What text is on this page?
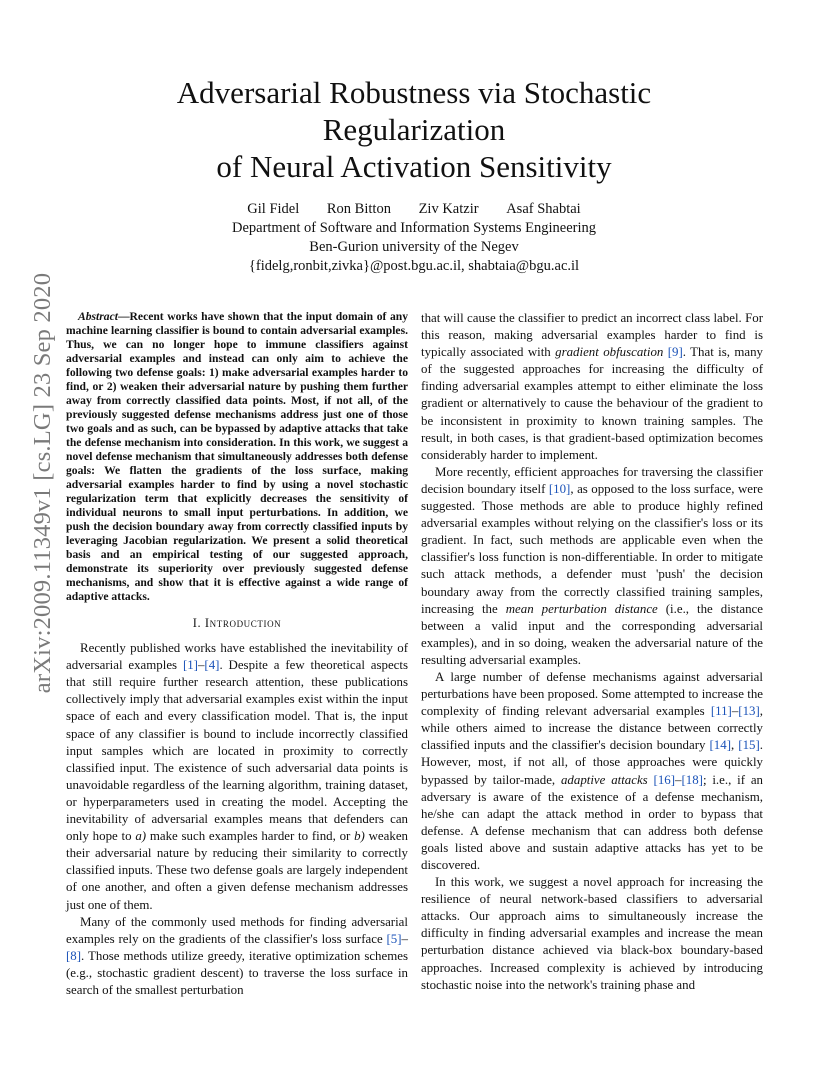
arXiv:2009.11349v1 [cs.LG] 23 Sep 2020
Adversarial Robustness via Stochastic
Regularization
of Neural Activation Sensitivity
Gil Fidel Ron Bitton Ziv Katzir Asaf Shabtai
Department of Software and Information Systems Engineering
Ben-Gurion university of the Negev
{fidelg,ronbit,zivka}@post.bgu.ac.il, shabtaia@bgu.ac.il

Abstract—Recent works have shown that the input domain of any machine learning classifier is bound to contain adversarial examples. Thus, we can no longer hope to immune classifiers against adversarial examples and instead can only aim to achieve the following two defense goals: 1) make adversarial examples harder to find, or 2) weaken their adversarial nature by pushing them further away from correctly classified data points. Most, if not all, of the previously suggested defense mechanisms address just one of those two goals and as such, can be bypassed by adaptive attacks that take the defense mechanism into consideration. In this work, we suggest a novel defense mechanism that simultaneously addresses both defense goals: We flatten the gradients of the loss surface, making adversarial examples harder to find by using a novel stochastic regularization term that explicitly decreases the sensitivity of individual neurons to small input perturbations. In addition, we push the decision boundary away from correctly classified inputs by leveraging Jacobian regularization. We present a solid theoretical basis and an empirical testing of our suggested approach, demonstrate its superiority over previously suggested defense mechanisms, and show that it is effective against a wide range of adaptive attacks.

I. Introduction

Recently published works have established the inevitability of adversarial examples [1]–[4]. Despite a few theoretical aspects that still require further research attention, these publications collectively imply that adversarial examples exist within the input space of each and every classification model. That is, the input space of any classifier is bound to include incorrectly classified input samples which are located in proximity to correctly classified input. The existence of such adversarial data points is unavoidable regardless of the learning algorithm, training dataset, or hyperparameters used in creating the model. Accepting the inevitability of adversarial examples means that defenders can only hope to a) make such examples harder to find, or b) weaken their adversarial nature by reducing their similarity to correctly classified inputs. These two defense goals are largely independent of one another, and often a given defense mechanism addresses just one of them.

Many of the commonly used methods for finding adversarial examples rely on the gradients of the classifier's loss surface [5]–[8]. Those methods utilize greedy, iterative optimization schemes (e.g., stochastic gradient descent) to traverse the loss surface in search of the smallest perturbation

that will cause the classifier to predict an incorrect class label. For this reason, making adversarial examples harder to find is typically associated with gradient obfuscation [9]. That is, many of the suggested approaches for increasing the difficulty of finding adversarial examples attempt to either eliminate the loss gradient or alternatively to cause the behaviour of the gradient to be inconsistent in proximity to known training samples. The result, in both cases, is that gradient-based optimization becomes considerably harder to implement.

More recently, efficient approaches for traversing the classifier decision boundary itself [10], as opposed to the loss surface, were suggested. Those methods are able to produce highly refined adversarial examples without relying on the classifier's loss or its gradient. In fact, such methods are applicable even when the classifier's loss function is non-differentiable. In order to mitigate such attack methods, a defender must 'push' the decision boundary away from the correctly classified training samples, increasing the mean perturbation distance (i.e., the distance between a valid input and the corresponding adversarial examples), and in so doing, weaken the adversarial nature of the resulting adversarial examples.

A large number of defense mechanisms against adversarial perturbations have been proposed. Some attempted to increase the complexity of finding relevant adversarial examples [11]–[13], while others aimed to increase the distance between correctly classified inputs and the classifier's decision boundary [14], [15]. However, most, if not all, of those approaches were quickly bypassed by tailor-made, adaptive attacks [16]–[18]; i.e., if an adversary is aware of the existence of a defense mechanism, he/she can adapt the attack method in order to bypass that defense. A defense mechanism that can address both defense goals listed above and sustain adaptive attacks has yet to be discovered.

In this work, we suggest a novel approach for increasing the resilience of neural network-based classifiers to adversarial attacks. Our approach aims to simultaneously increase the difficulty in finding adversarial examples and increase the mean perturbation distance achieved via black-box boundary-based approaches. Increased complexity is achieved by introducing stochastic noise into the network's training phase and
